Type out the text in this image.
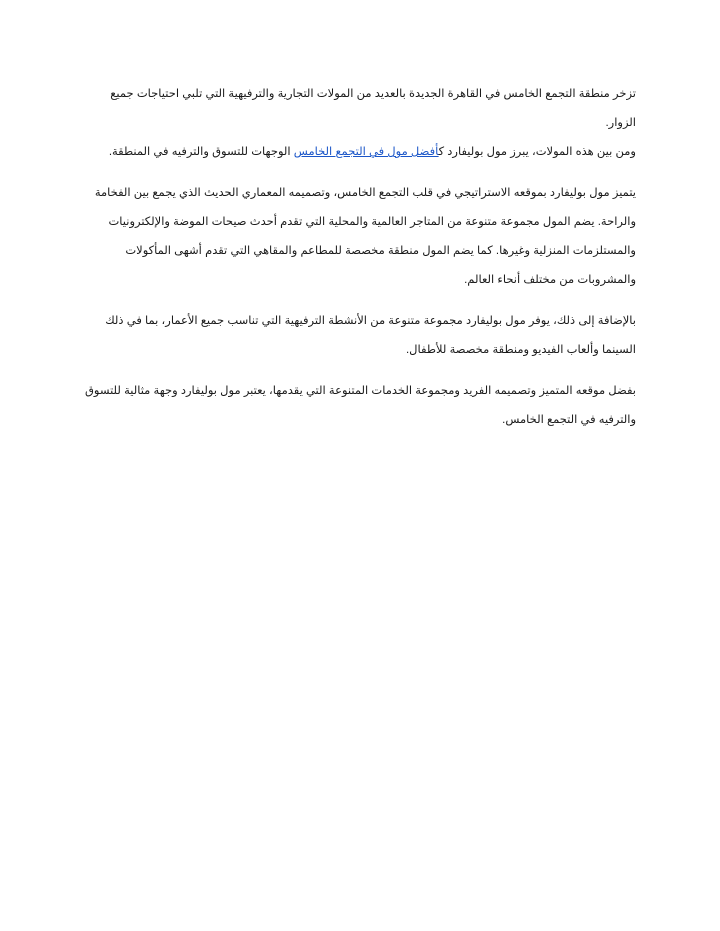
تزخر منطقة التجمع الخامس في القاهرة الجديدة بالعديد من المولات التجارية والترفيهية التي تلبي احتياجات جميع الزوار.
ومن بين هذه المولات، يبرز مول بوليفارد كأفضل مول في التجمع الخامس الوجهات للتسوق والترفيه في المنطقة.

يتميز مول بوليفارد بموقعه الاستراتيجي في قلب التجمع الخامس، وتصميمه المعماري الحديث الذي يجمع بين الفخامة والراحة. يضم المول مجموعة متنوعة من المتاجر العالمية والمحلية التي تقدم أحدث صيحات الموضة والإلكترونيات والمستلزمات المنزلية وغيرها. كما يضم المول منطقة مخصصة للمطاعم والمقاهي التي تقدم أشهى المأكولات والمشروبات من مختلف أنحاء العالم.

بالإضافة إلى ذلك، يوفر مول بوليفارد مجموعة متنوعة من الأنشطة الترفيهية التي تناسب جميع الأعمار، بما في ذلك السينما وألعاب الفيديو ومنطقة مخصصة للأطفال.

بفضل موقعه المتميز وتصميمه الفريد ومجموعة الخدمات المتنوعة التي يقدمها، يعتبر مول بوليفارد وجهة مثالية للتسوق والترفيه في التجمع الخامس.
